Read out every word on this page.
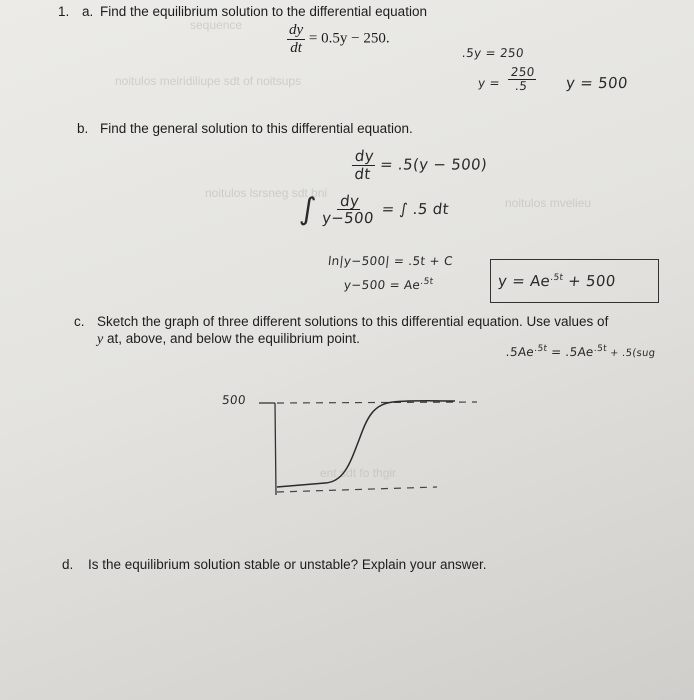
sequence
noitulos meiridiliupe sdt of noitsups
noitulos lsrsneg sdt bni
noitulos mvelieu
ent sdt fo thgir
1. a. Find the equilibrium solution to the differential equation
$\frac{dy}{dt} = 0.5y - 250$.
.5y = 250
$y = \frac{250}{.5}$ y = 500
b. Find the general solution to this differential equation.
$\frac{dy}{dt} = .5(y - 500)$
∫ $\frac{dy}{y-500}$ = ∫ .5 dt
ln|y−500| = .5t + C
$y-500 = Ae^{.5t}$	$y = Ae^{.5t} + 500$
c. Sketch the graph of three different solutions to this differential equation. Use values of
y at, above, and below the equilibrium point.
$.5Ae^{.5t} = .5Ae^{.5t} + .5(sug$
500
d. Is the equilibrium solution stable or unstable? Explain your answer.
